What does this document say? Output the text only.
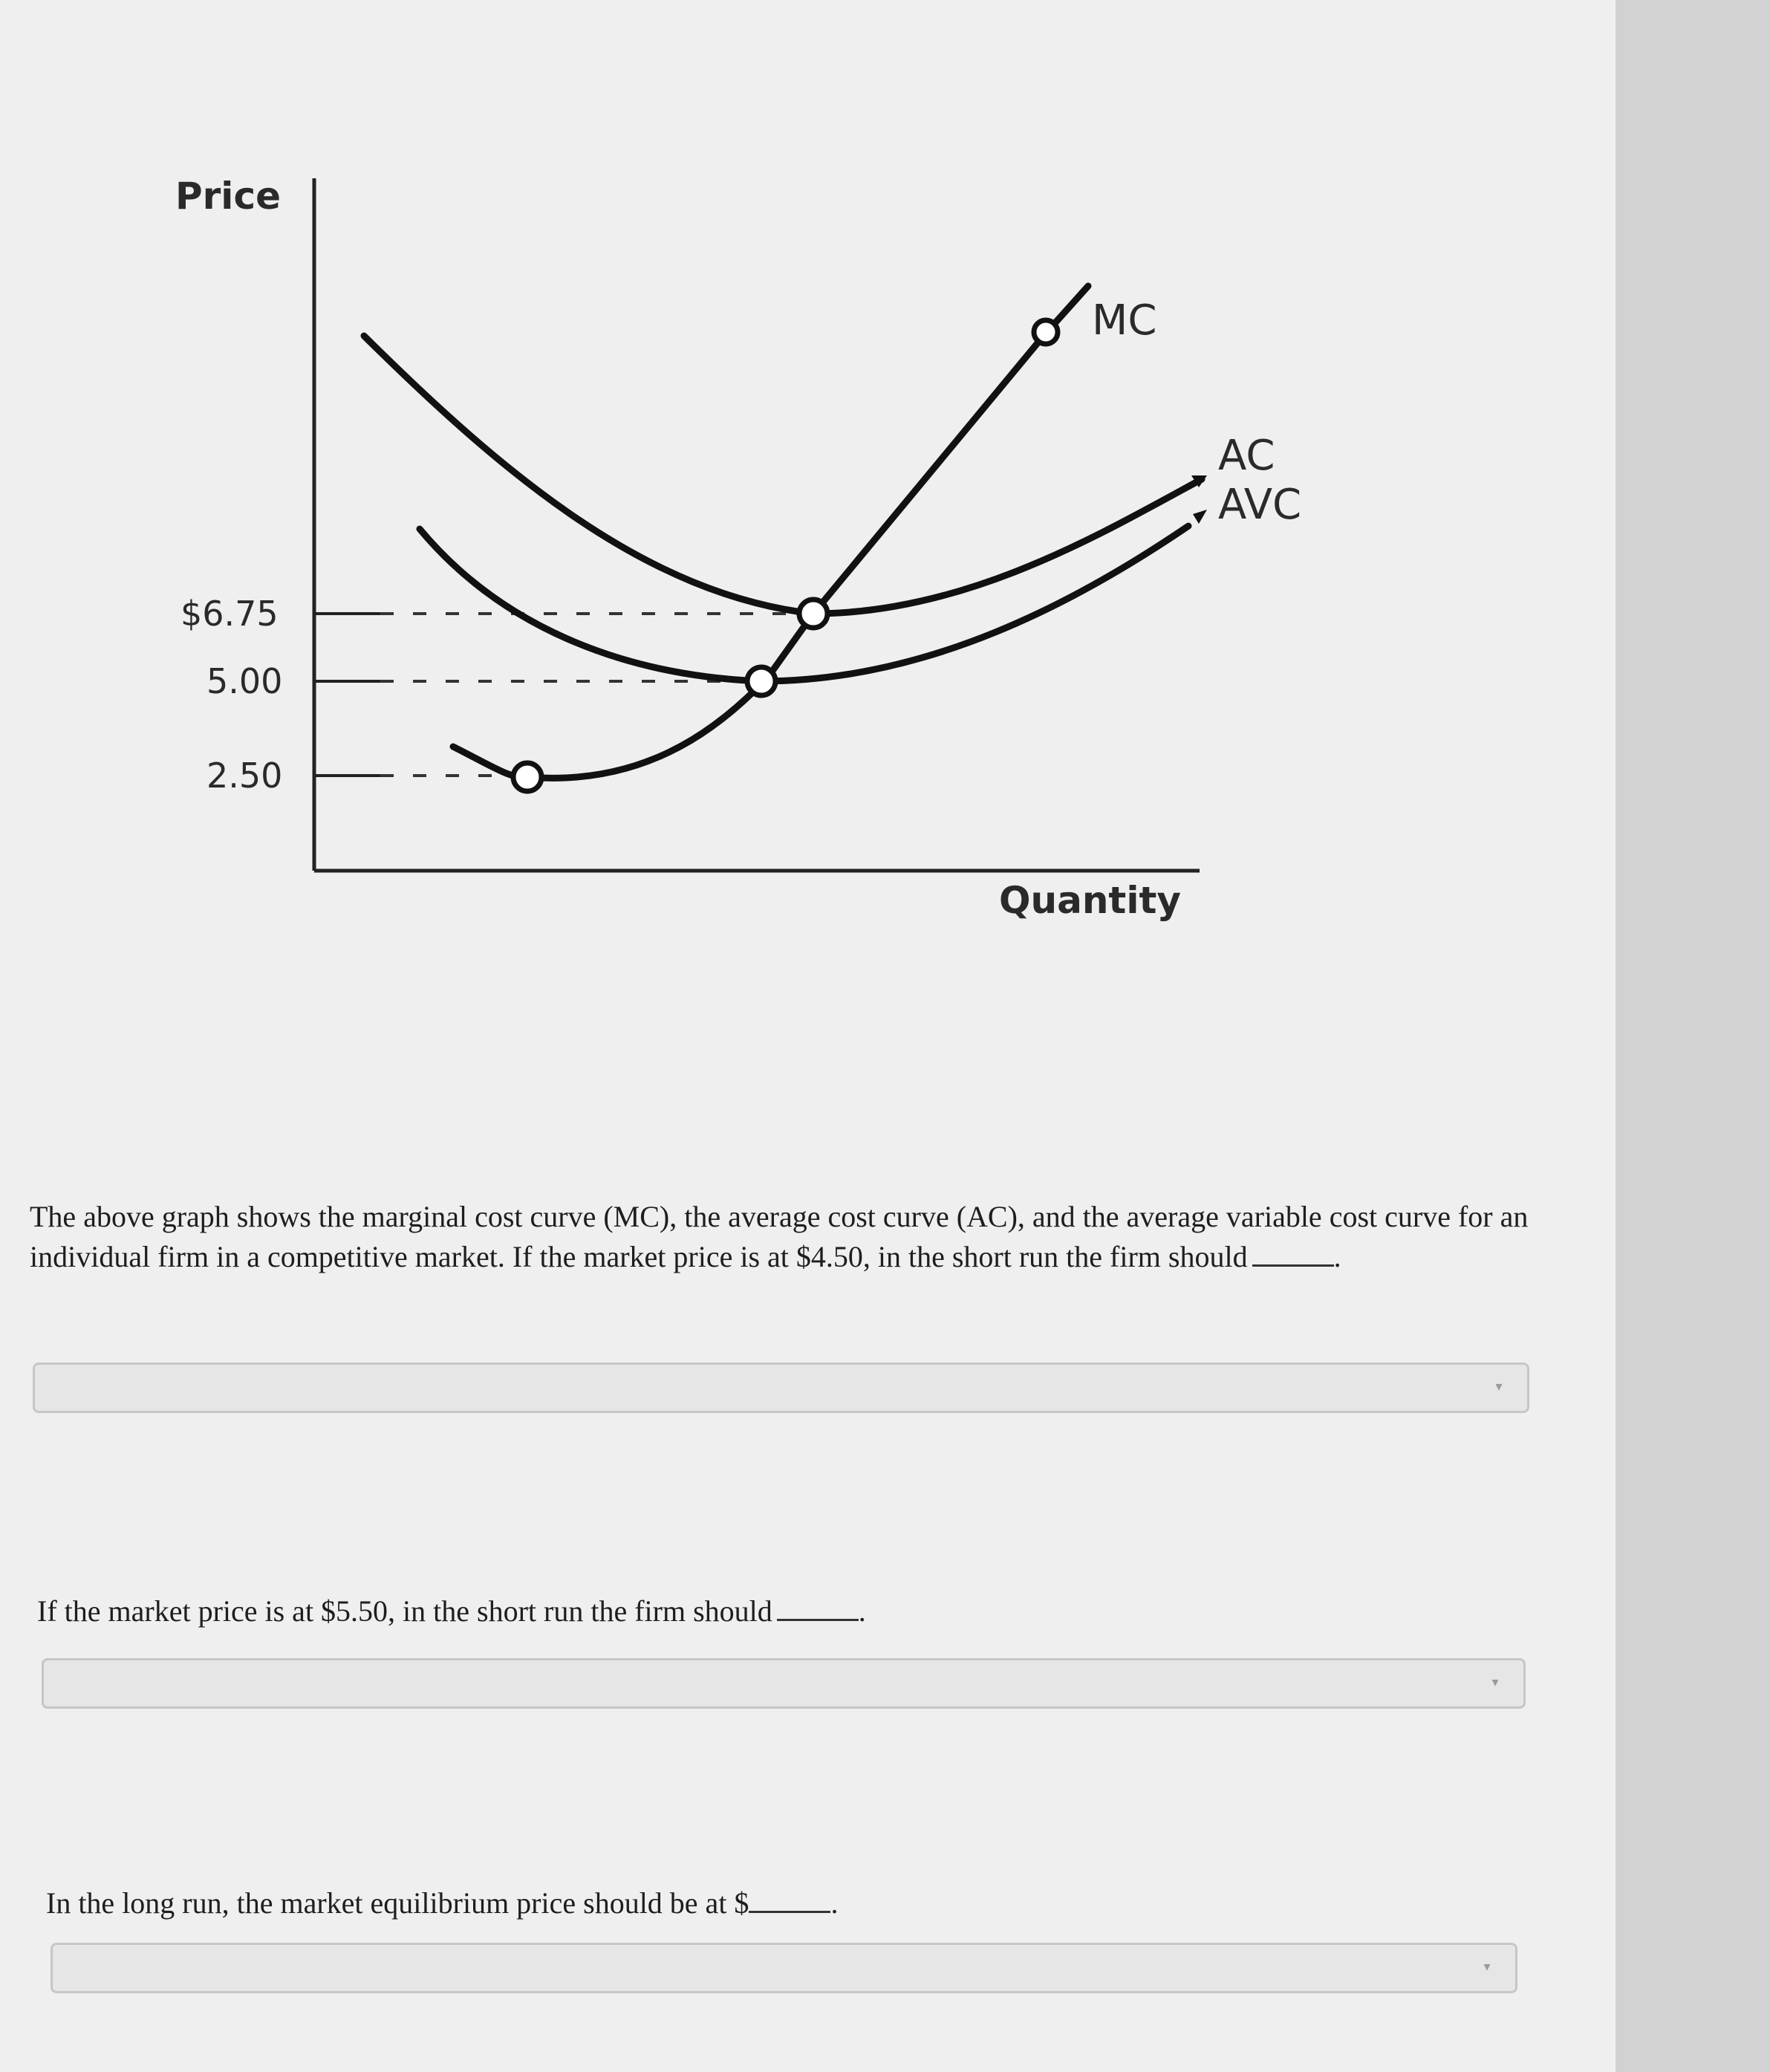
Price
Quantity
$6.75
5.00
2.50
MC
AC
AVC
The above graph shows the marginal cost curve (MC), the average cost curve (AC), and the average variable cost curve for an individual firm in a competitive market. If the market price is at $4.50, in the short run the firm should	.
▾
If the market price is at $5.50, in the short run the firm should	.
▾
In the long run, the market equilibrium price should be at $	.
▾
